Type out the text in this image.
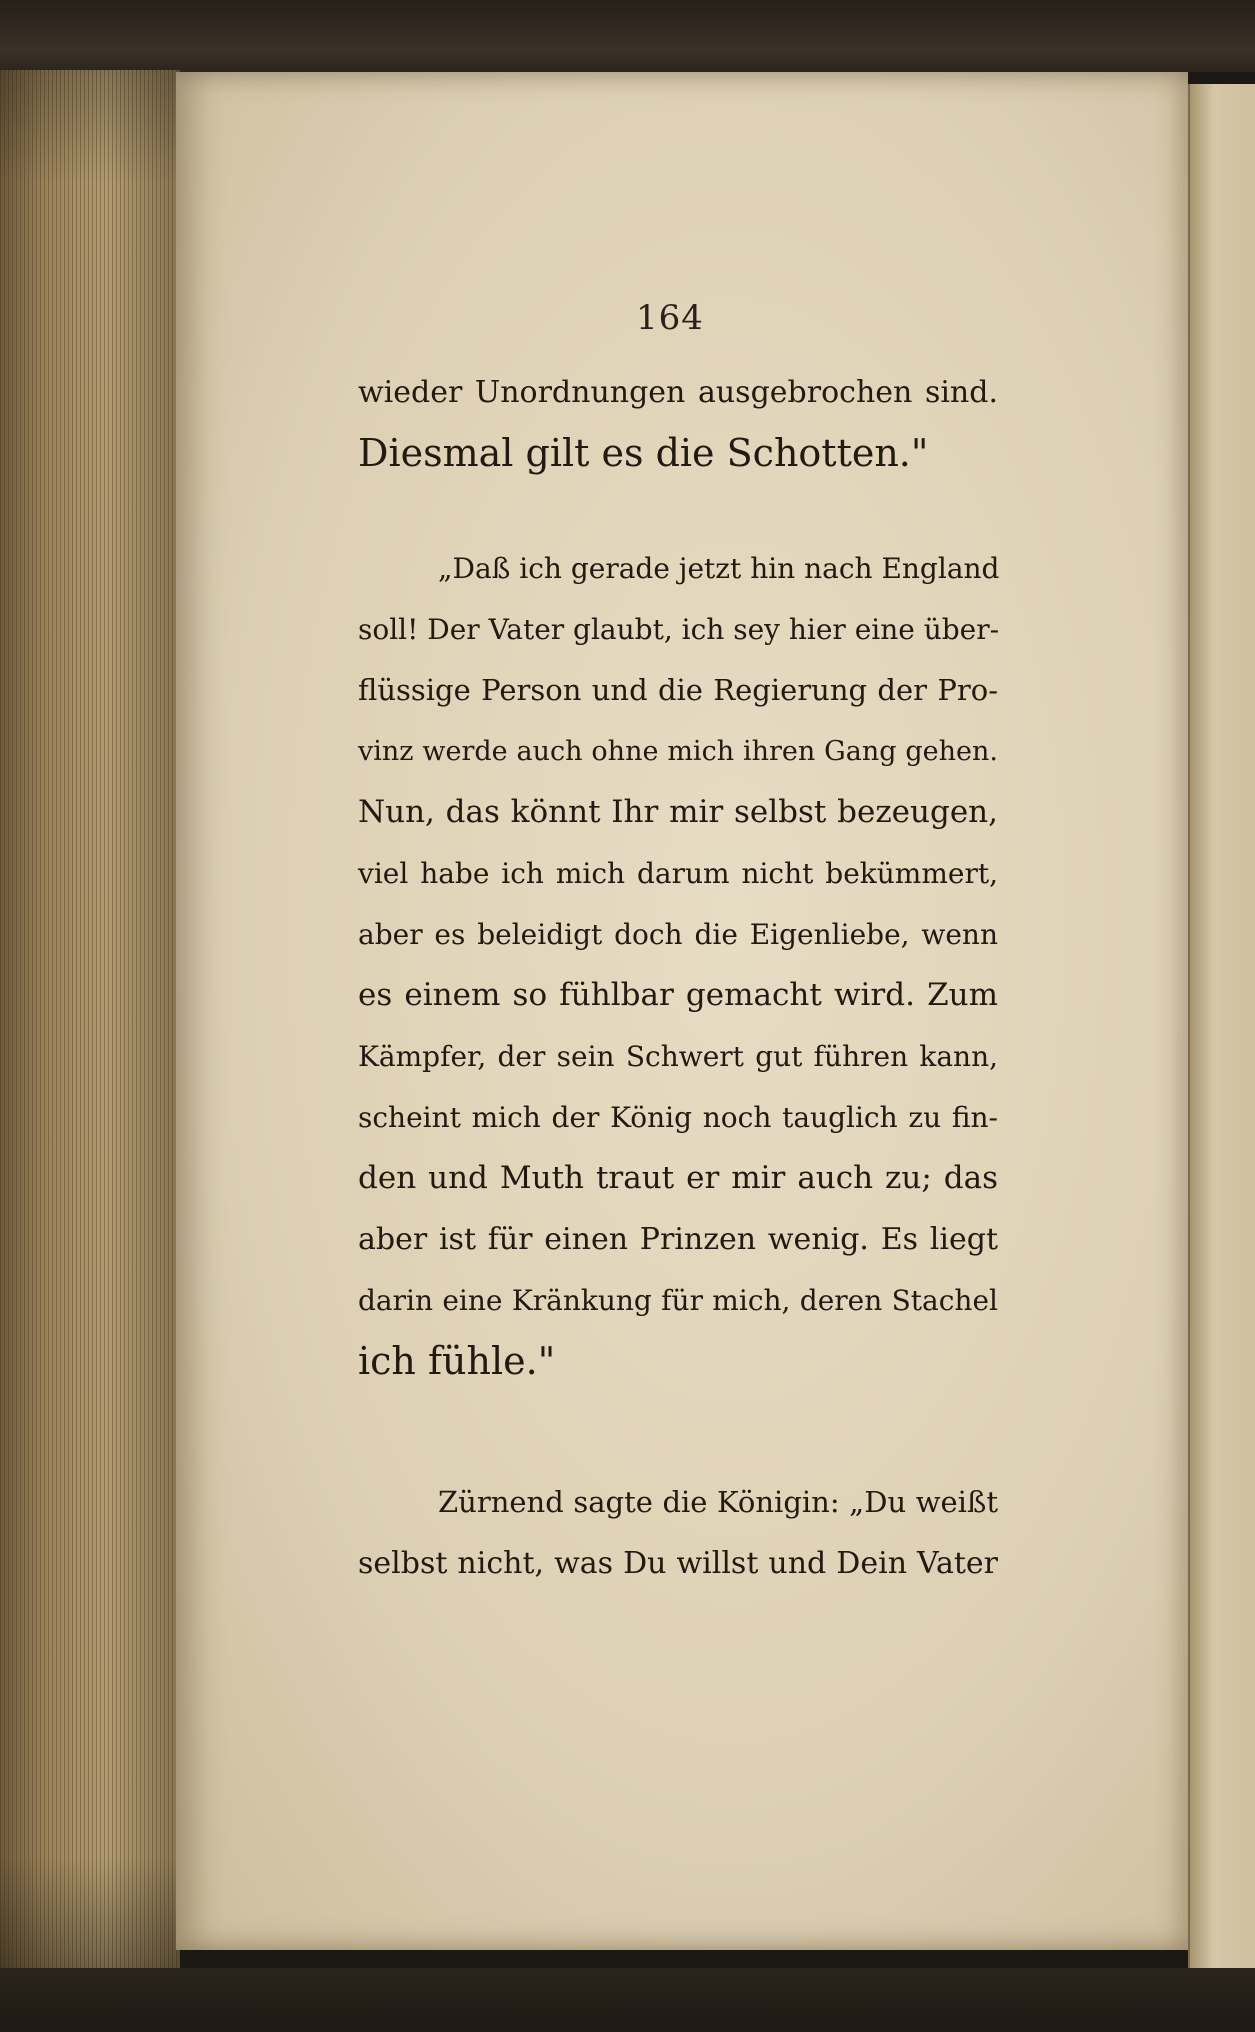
164
wieder Unordnungen ausgebrochen sind.
Diesmal gilt es die Schotten."
„Daß ich gerade jetzt hin nach England
soll! Der Vater glaubt, ich sey hier eine über-
flüssige Person und die Regierung der Pro-
vinz werde auch ohne mich ihren Gang gehen.
Nun, das könnt Ihr mir selbst bezeugen,
viel habe ich mich darum nicht bekümmert,
aber es beleidigt doch die Eigenliebe, wenn
es einem so fühlbar gemacht wird. Zum
Kämpfer, der sein Schwert gut führen kann,
scheint mich der König noch tauglich zu fin-
den und Muth traut er mir auch zu; das
aber ist für einen Prinzen wenig. Es liegt
darin eine Kränkung für mich, deren Stachel
ich fühle."
Zürnend sagte die Königin: „Du weißt
selbst nicht, was Du willst und Dein Vater
